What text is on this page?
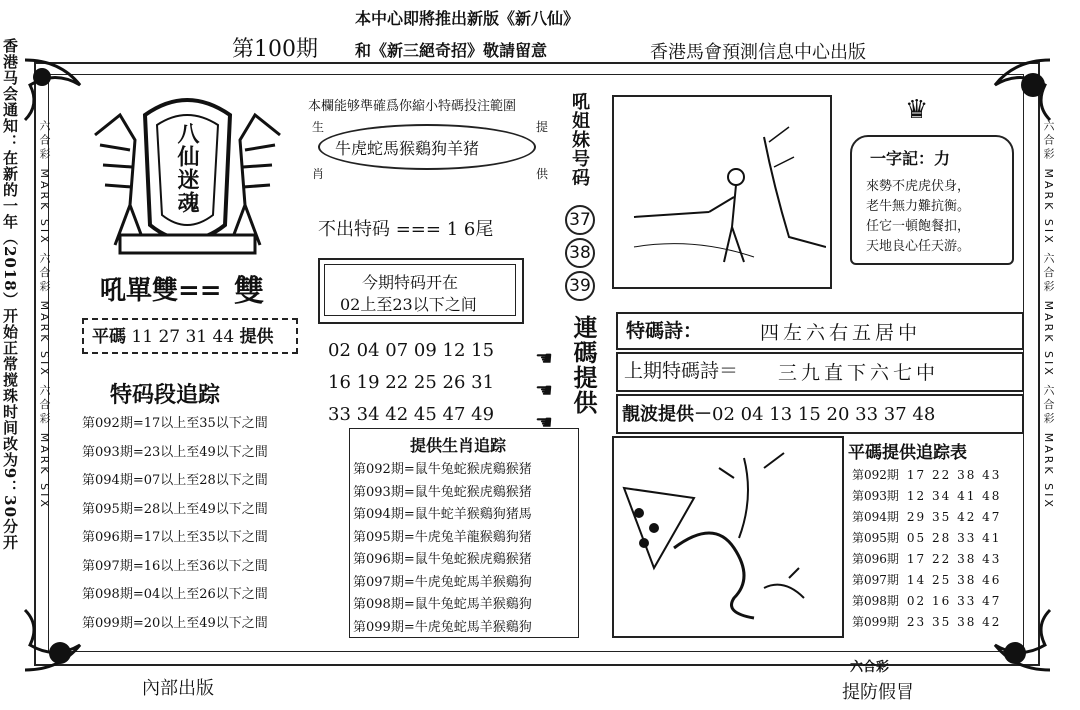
本中心即將推出新版《新八仙》
第100期 和《新三絕奇招》敬請留意	香港馬會預測信息中心出版
香港马会通知：在新的一年（2018）开始正常搅珠时间改为9：30分开 六合彩 MARK SIX 六合彩 MARK SIX 六合彩 MARK SIX
六合彩 MARK SIX 六合彩 MARK SIX 六合彩 MARK SIX
八仙迷魂
吼單雙== 雙
平碼 11 27 31 44 提供
特码段追踪
第092期=17以上至35以下之間
第093期=23以上至49以下之間
第094期=07以上至28以下之間
第095期=28以上至49以下之間
第096期=17以上至35以下之間
第097期=16以上至36以下之間
第098期=04以上至26以下之間
第099期=20以上至49以下之間
本欄能够準確爲你縮小特碼投注範圍
生
肖
提
供
牛虎蛇馬猴鷄狗羊猪	吼姐妹号码
37
38
39
不出特码 === 1 6尾
今期特码开在
02上至23以下之间
02 04 07 09 12 15
16 19 22 25 26 31
33 34 42 45 47 49
☚
☚
☚
連碼提供
提供生肖追踪
第092期=鼠牛兔蛇猴虎鷄猴猪
第093期=鼠牛兔蛇猴虎鷄猴猪
第094期=鼠牛蛇羊猴鷄狗猪馬
第095期=牛虎兔羊龍猴鷄狗猪
第096期=鼠牛兔蛇猴虎鷄猴猪
第097期=牛虎兔蛇馬羊猴鷄狗
第098期=鼠牛兔蛇馬羊猴鷄狗
第099期=牛虎兔蛇馬羊猴鷄狗
♛
一字記：力
來勢不虎虎伏身，
老牛無力難抗衡。
任它一頓飽餐扣，
天地良心任天游。
特碼詩：	四左六右五居中
上期特碼詩＝ 三九直下六七中
靚波提供－02 04 13 15 20 33 37 48
平碼提供追踪表
第092期 17 22 38 43
第093期 12 34 41 48
第094期 29 35 42 47
第095期 05 28 33 41
第096期 17 22 38 43
第097期 14 25 38 46
第098期 02 16 33 47
第099期 23 35 38 42
內部出版
六合彩
提防假冒
